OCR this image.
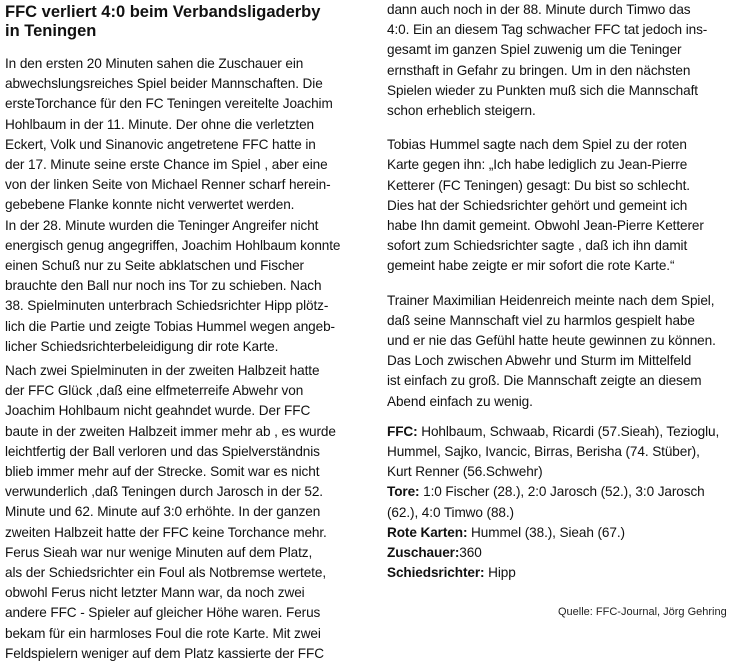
FFC verliert 4:0 beim Verbandsligaderby
in Teningen
In den ersten 20 Minuten sahen die Zuschauer ein
abwechslungsreiches Spiel beider Mannschaften. Die
ersteTorchance für den FC Teningen vereitelte Joachim
Hohlbaum in der 11. Minute. Der ohne die verletzten
Eckert, Volk und Sinanovic angetretene FFC hatte in
der 17. Minute seine erste Chance im Spiel , aber eine
von der linken Seite von Michael Renner scharf herein-
gebebene Flanke konnte nicht verwertet werden.
In der 28. Minute wurden die Teninger Angreifer nicht
energisch genug angegriffen, Joachim Hohlbaum konnte
einen Schuß nur zu Seite abklatschen und Fischer
brauchte den Ball nur noch ins Tor zu schieben. Nach
38. Spielminuten unterbrach Schiedsrichter Hipp plötz-
lich die Partie und zeigte Tobias Hummel wegen angeb-
licher Schiedsrichterbeleidigung dir rote Karte.
Nach zwei Spielminuten in der zweiten Halbzeit hatte
der FFC Glück ,daß eine elfmeterreife Abwehr von
Joachim Hohlbaum nicht geahndet wurde. Der FFC
baute in der zweiten Halbzeit immer mehr ab , es wurde
leichtfertig der Ball verloren und das Spielverständnis
blieb immer mehr auf der Strecke. Somit war es nicht
verwunderlich ,daß Teningen durch Jarosch in der 52.
Minute und 62. Minute auf 3:0 erhöhte. In der ganzen
zweiten Halbzeit hatte der FFC keine Torchance mehr.
Ferus Sieah war nur wenige Minuten auf dem Platz,
als der Schiedsrichter ein Foul als Notbremse wertete,
obwohl Ferus nicht letzter Mann war, da noch zwei
andere FFC - Spieler auf gleicher Höhe waren. Ferus
bekam für ein harmloses Foul die rote Karte. Mit zwei
Feldspielern weniger auf dem Platz kassierte der FFC
dann auch noch in der 88. Minute durch Timwo das
4:0. Ein an diesem Tag schwacher FFC tat jedoch ins-
gesamt im ganzen Spiel zuwenig um die Teninger
ernsthaft in Gefahr zu bringen. Um in den nächsten
Spielen wieder zu Punkten muß sich die Mannschaft
schon erheblich steigern.
Tobias Hummel sagte nach dem Spiel zu der roten
Karte gegen ihn: „Ich habe lediglich zu Jean-Pierre
Ketterer (FC Teningen) gesagt: Du bist so schlecht.
Dies hat der Schiedsrichter gehört und gemeint ich
habe Ihn damit gemeint. Obwohl Jean-Pierre Ketterer
sofort zum Schiedsrichter sagte , daß ich ihn damit
gemeint habe zeigte er mir sofort die rote Karte.“
Trainer Maximilian Heidenreich meinte nach dem Spiel,
daß seine Mannschaft viel zu harmlos gespielt habe
und er nie das Gefühl hatte heute gewinnen zu können.
Das Loch zwischen Abwehr und Sturm im Mittelfeld
ist einfach zu groß. Die Mannschaft zeigte an diesem
Abend einfach zu wenig.
FFC: Hohlbaum, Schwaab, Ricardi (57.Sieah), Tezioglu,
Hummel, Sajko, Ivancic, Birras, Berisha (74. Stüber),
Kurt Renner (56.Schwehr)
Tore: 1:0 Fischer (28.), 2:0 Jarosch (52.), 3:0 Jarosch
(62.), 4:0 Timwo (88.)
Rote Karten: Hummel (38.), Sieah (67.)
Zuschauer:360
Schiedsrichter: Hipp
Quelle: FFC-Journal, Jörg Gehring
